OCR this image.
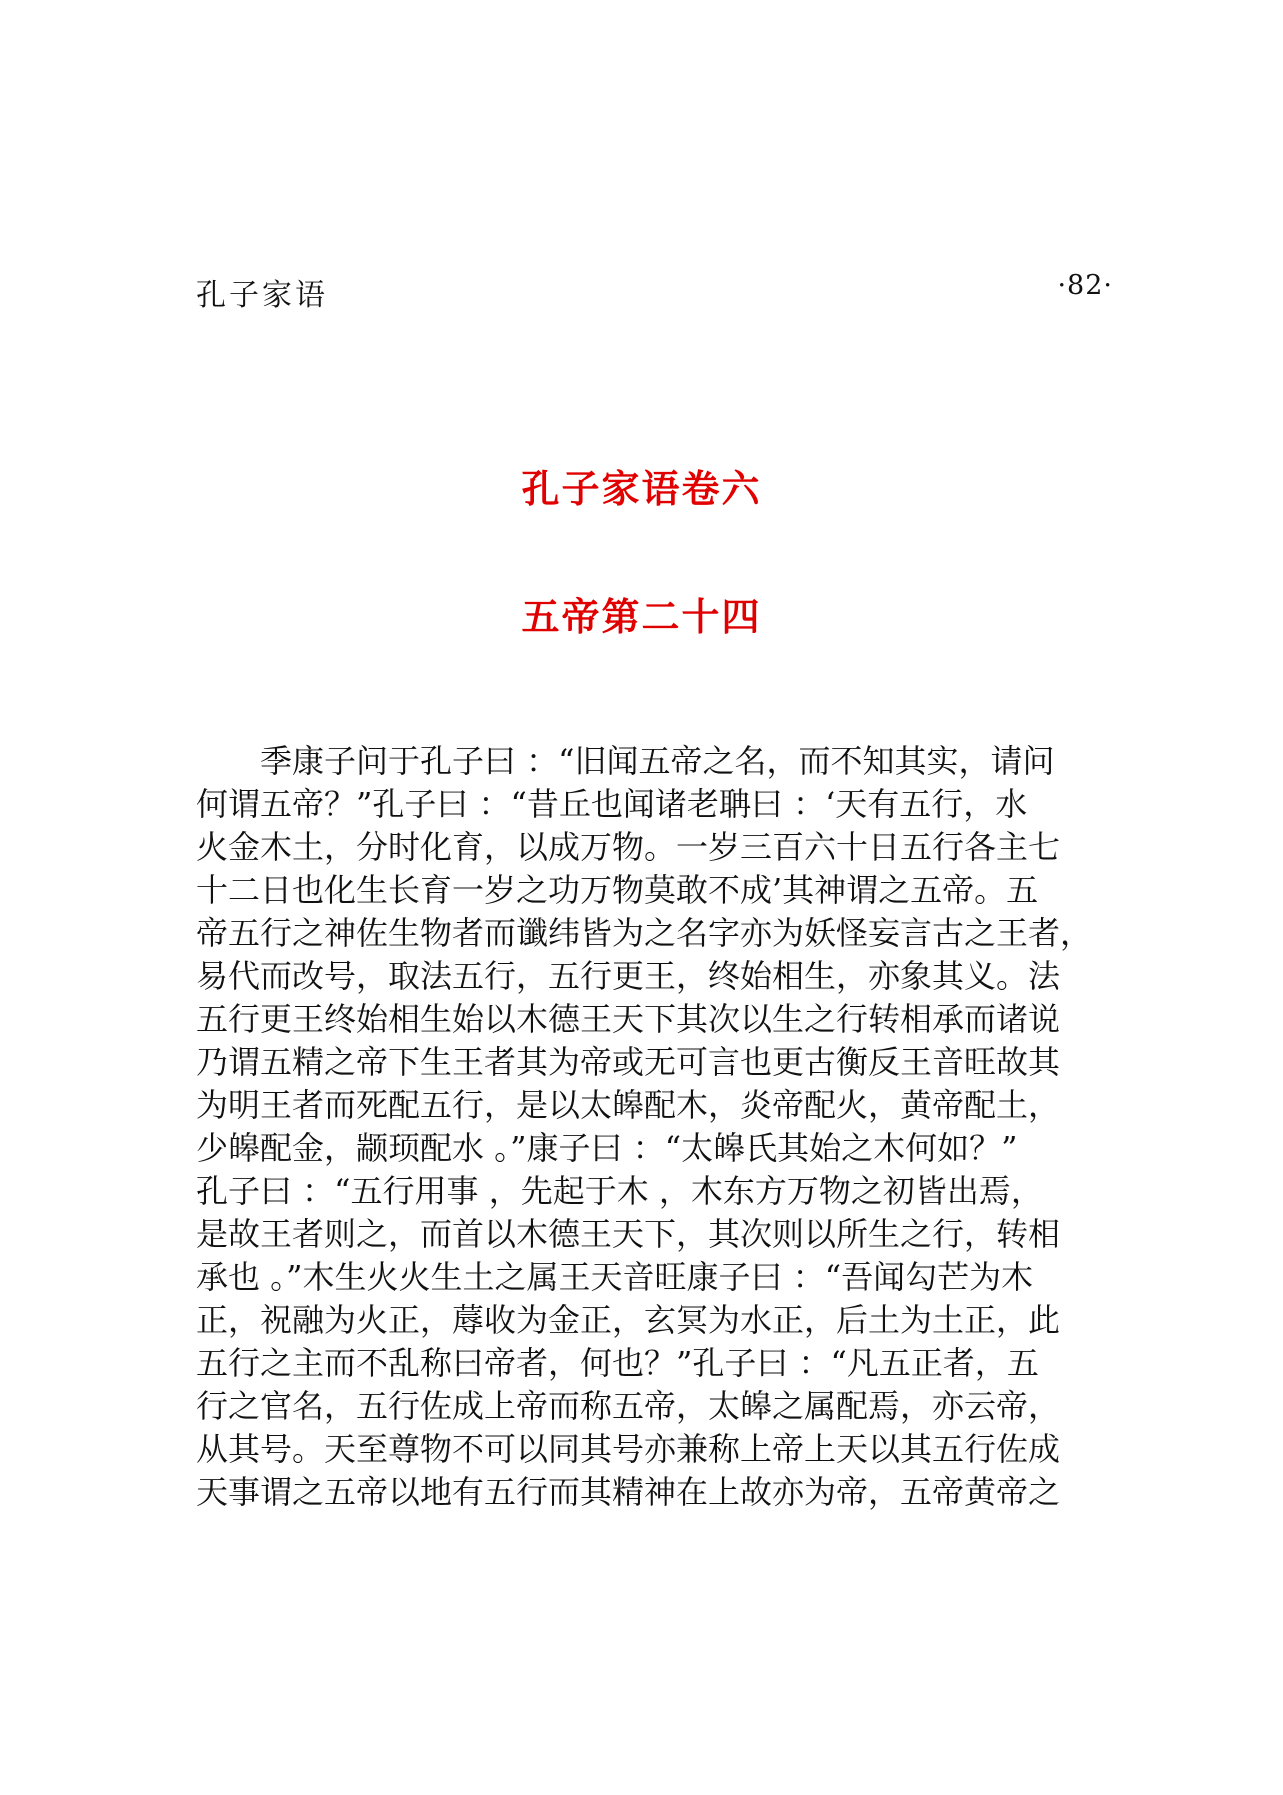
孔子家语	·82·
孔子家语卷六
五帝第二十四
季康子问于孔子曰 ：“旧闻五帝之名，而不知其实，请问
何谓五帝？”孔子曰 ：“昔丘也闻诸老聃曰 ：‘天有五行，水
火金木土，分时化育，以成万物。一岁三百六十日五行各主七
十二日也化生长育一岁之功万物莫敢不成’其神谓之五帝。五
帝五行之神佐生物者而谶纬皆为之名字亦为妖怪妄言古之王者，
易代而改号，取法五行，五行更王，终始相生，亦象其义。法
五行更王终始相生始以木德王天下其次以生之行转相承而诸说
乃谓五精之帝下生王者其为帝或无可言也更古衡反王音旺故其
为明王者而死配五行，是以太皞配木，炎帝配火，黄帝配土，
少皞配金，颛顼配水 。”康子曰 ：“太皞氏其始之木何如？”
孔子曰 ：“五行用事 ，先起于木 ，木东方万物之初皆出焉，
是故王者则之，而首以木德王天下，其次则以所生之行，转相
承也 。”木生火火生土之属王天音旺康子曰 ：“吾闻勾芒为木
正，祝融为火正，蓐收为金正，玄冥为水正，后土为土正，此
五行之主而不乱称曰帝者，何也？”孔子曰 ：“凡五正者，五
行之官名，五行佐成上帝而称五帝，太皞之属配焉，亦云帝，
从其号。天至尊物不可以同其号亦兼称上帝上天以其五行佐成
天事谓之五帝以地有五行而其精神在上故亦为帝，五帝黄帝之
